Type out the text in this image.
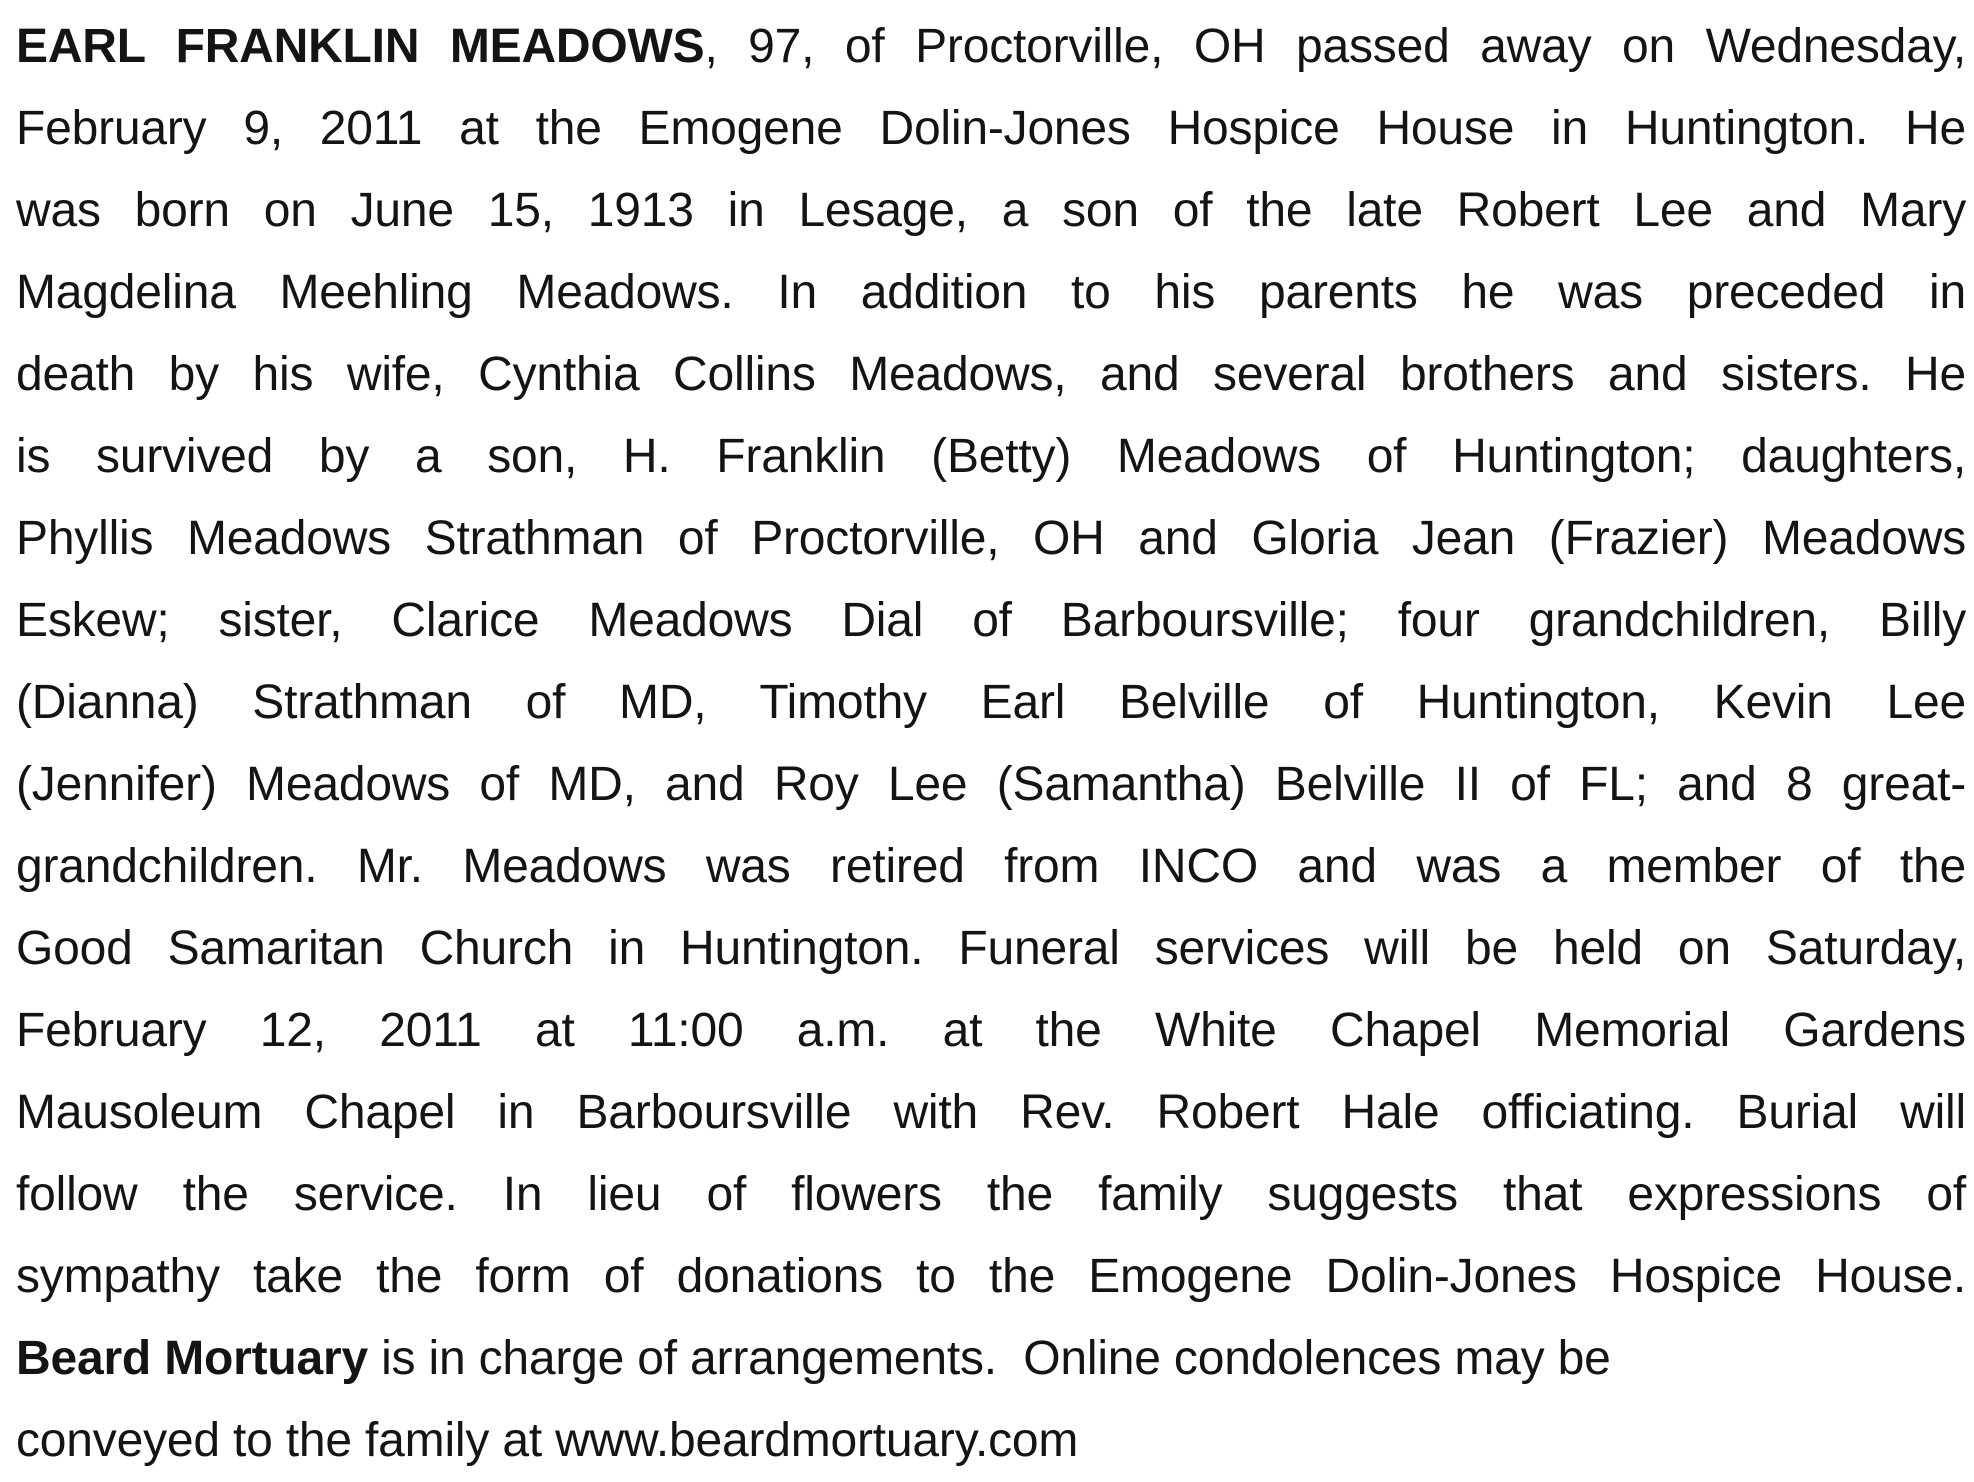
EARL FRANKLIN MEADOWS, 97, of Proctorville, OH passed away on Wednesday,
February 9, 2011 at the Emogene Dolin-Jones Hospice House in Huntington. He
was born on June 15, 1913 in Lesage, a son of the late Robert Lee and Mary
Magdelina Meehling Meadows. In addition to his parents he was preceded in
death by his wife, Cynthia Collins Meadows, and several brothers and sisters. He
is survived by a son, H. Franklin (Betty) Meadows of Huntington; daughters,
Phyllis Meadows Strathman of Proctorville, OH and Gloria Jean (Frazier) Meadows
Eskew; sister, Clarice Meadows Dial of Barboursville; four grandchildren, Billy
(Dianna) Strathman of MD, Timothy Earl Belville of Huntington, Kevin Lee
(Jennifer) Meadows of MD, and Roy Lee (Samantha) Belville II of FL; and 8 great-
grandchildren. Mr. Meadows was retired from INCO and was a member of the
Good Samaritan Church in Huntington. Funeral services will be held on Saturday,
February 12, 2011 at 11:00 a.m. at the White Chapel Memorial Gardens
Mausoleum Chapel in Barboursville with Rev. Robert Hale officiating. Burial will
follow the service. In lieu of flowers the family suggests that expressions of
sympathy take the form of donations to the Emogene Dolin-Jones Hospice House.
Beard Mortuary is in charge of arrangements.  Online condolences may be
conveyed to the family at www.beardmortuary.com
